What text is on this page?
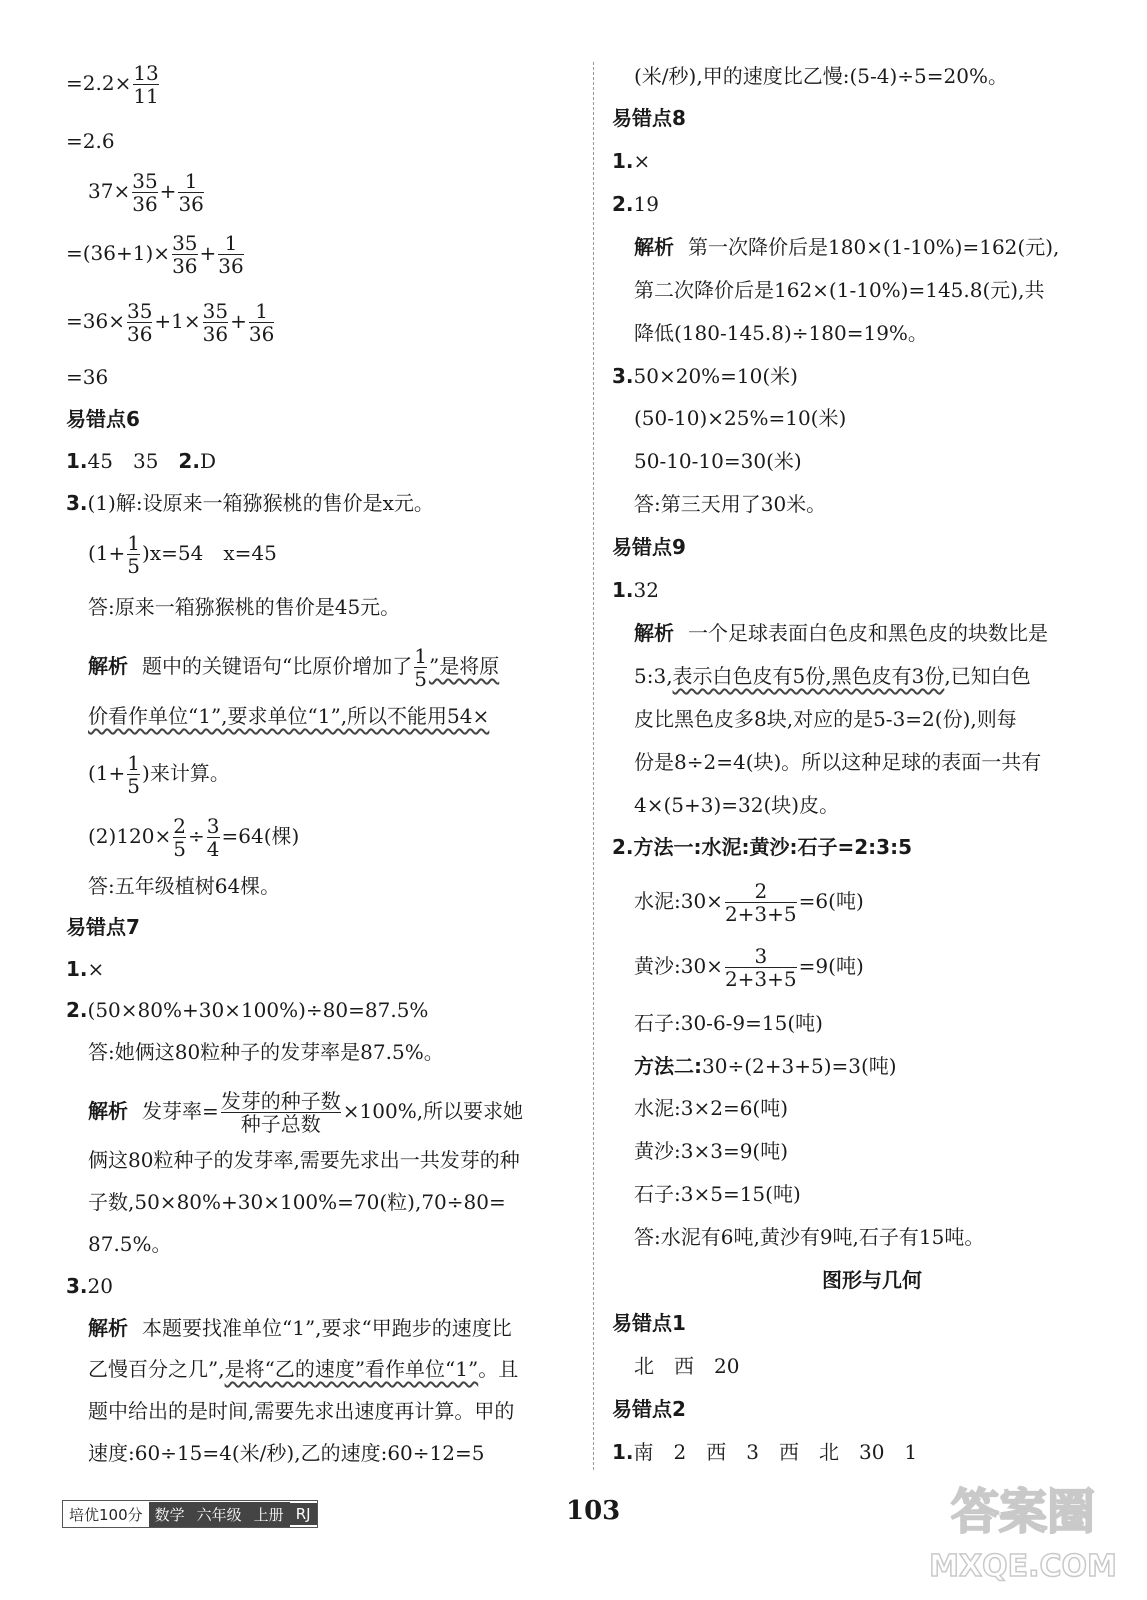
$=2.2\times \frac{13}{11}$
=2.6
$37\times \frac{35}{36} + \frac{1}{36}$
$=(36+1)\times \frac{35}{36} + \frac{1}{36}$
$=36\times \frac{35}{36} +1\times \frac{35}{36} + \frac{1}{36}$
=36
易错点6
1.45　35　2.D
3.(1)解:设原来一箱猕猴桃的售价是x元。
$(1+ \frac{1}{5} )x=54$　x=45
答:原来一箱猕猴桃的售价是45元。
解析 题中的关键语句“比原价增加了 $\frac{1}{5}$ ”是将原
价看作单位“1”,要求单位“1”,所以不能用54×
($1+ \frac{1}{5}$ )来计算。
$(2)120\times \frac{2}{5} \div \frac{3}{4} =64$(棵)
答:五年级植树64棵。
易错点7
1.×
2.(50×80%+30×100%)÷80=87.5%
答:她俩这80粒种子的发芽率是87.5%。
解析 发芽率= $\frac{\text{发芽的种子数}}{\text{种子总数}} \times 100\%$,所以要求她
俩这80粒种子的发芽率,需要先求出一共发芽的种
子数,50×80%+30×100%=70(粒),70÷80=
87.5%。
3.20
解析 本题要找准单位“1”,要求“甲跑步的速度比
乙慢百分之几”,是将“乙的速度”看作单位“1”。且
题中给出的是时间,需要先求出速度再计算。甲的
速度:60÷15=4(米/秒),乙的速度:60÷12=5
(米/秒),甲的速度比乙慢:(5-4)÷5=20%。
易错点8
1.×
2.19
解析 第一次降价后是180×(1-10%)=162(元),
第二次降价后是162×(1-10%)=145.8(元),共
降低(180-145.8)÷180=19%。
3.50×20%=10(米)
(50-10)×25%=10(米)
50-10-10=30(米)
答:第三天用了30米。
易错点9
1.32
解析 一个足球表面白色皮和黑色皮的块数比是
5:3,表示白色皮有5份,黑色皮有3份,已知白色
皮比黑色皮多8块,对应的是5-3=2(份),则每
份是8÷2=4(块)。所以这种足球的表面一共有
4×(5+3)=32(块)皮。
2.方法一:水泥:黄沙:石子=2:3:5
水泥:30× $\frac{2}{2+3+5} =6$(吨)
黄沙:30× $\frac{3}{2+3+5} =9$(吨)
石子:30-6-9=15(吨)
方法二:30÷(2+3+5)=3(吨)
水泥:3×2=6(吨)
黄沙:3×3=9(吨)
石子:3×5=15(吨)
答:水泥有6吨,黄沙有9吨,石子有15吨。
图形与几何
易错点1
北　西　20
易错点2
1.南　2　西　3　西　北　30　1
培优100分 数学 六年级 上册 RJ	103	答案圈
MXQE.COM
